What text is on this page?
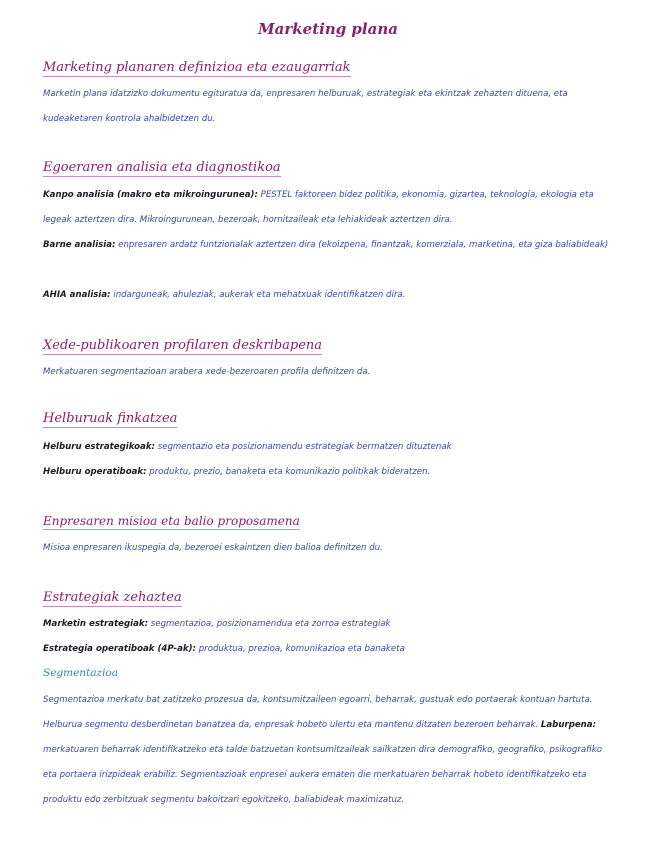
Marketing plana
Marketing planaren definizioa eta ezaugarriak
Marketin plana idatzizko dokumentu egituratua da, enpresaren helburuak, estrategiak eta ekintzak zehazten dituena, eta kudeaketaren kontrola ahalbidetzen du.
Egoeraren analisia eta diagnostikoa
Kanpo analisia (makro eta mikroingurunea): PESTEL faktoreen bidez politika, ekonomia, gizartea, teknologia, ekologia eta legeak aztertzen dira. Mikroingurunean, bezeroak, hornitzaileak eta lehiakideak aztertzen dira.
Barne analisia: enpresaren ardatz funtzionalak aztertzen dira (ekoizpena, finantzak, komerziala, marketina, eta giza baliabideak)
AHIA analisia: indarguneak, ahuleziak, aukerak eta mehatxuak identifikatzen dira.
Xede-publikoaren profilaren deskribapena
Merkatuaren segmentazioan arabera xede-bezeroaren profila definitzen da.
Helburuak finkatzea
Helburu estrategikoak: segmentazio eta posizionamendu estrategiak bermatzen dituztenak
Helburu operatiboak: produktu, prezio, banaketa eta komunikazio politikak bideratzen.
Enpresaren misioa eta balio proposamena
Misioa enpresaren ikuspegia da, bezeroei eskaintzen dien balioa definitzen du.
Estrategiak zehaztea
Marketin estrategiak: segmentazioa, posizionamendua eta zorroa estrategiak
Estrategia operatiboak (4P-ak): produktua, prezioa, komunikazioa eta banaketa
Segmentazioa
Segmentazioa merkatu bat zatitzeko prozesua da, kontsumitzaileen egoarri, beharrak, gustuak edo portaerak kontuan hartuta. Helburua segmentu desberdinetan banatzea da, enpresak hobeto ulertu eta mantenu ditzaten bezeroen beharrak. Laburpena: merkatuaren beharrak identifikatzeko eta talde batzuetan kontsumitzaileak sailkatzen dira demografiko, geografiko, psikografiko eta portaera irizpideak erabiliz. Segmentazioak enpresei aukera ematen die merkatuaren beharrak hobeto identifikatzeko eta produktu edo zerbitzuak segmentu bakoitzari egokitzeko, baliabideak maximizatuz.
